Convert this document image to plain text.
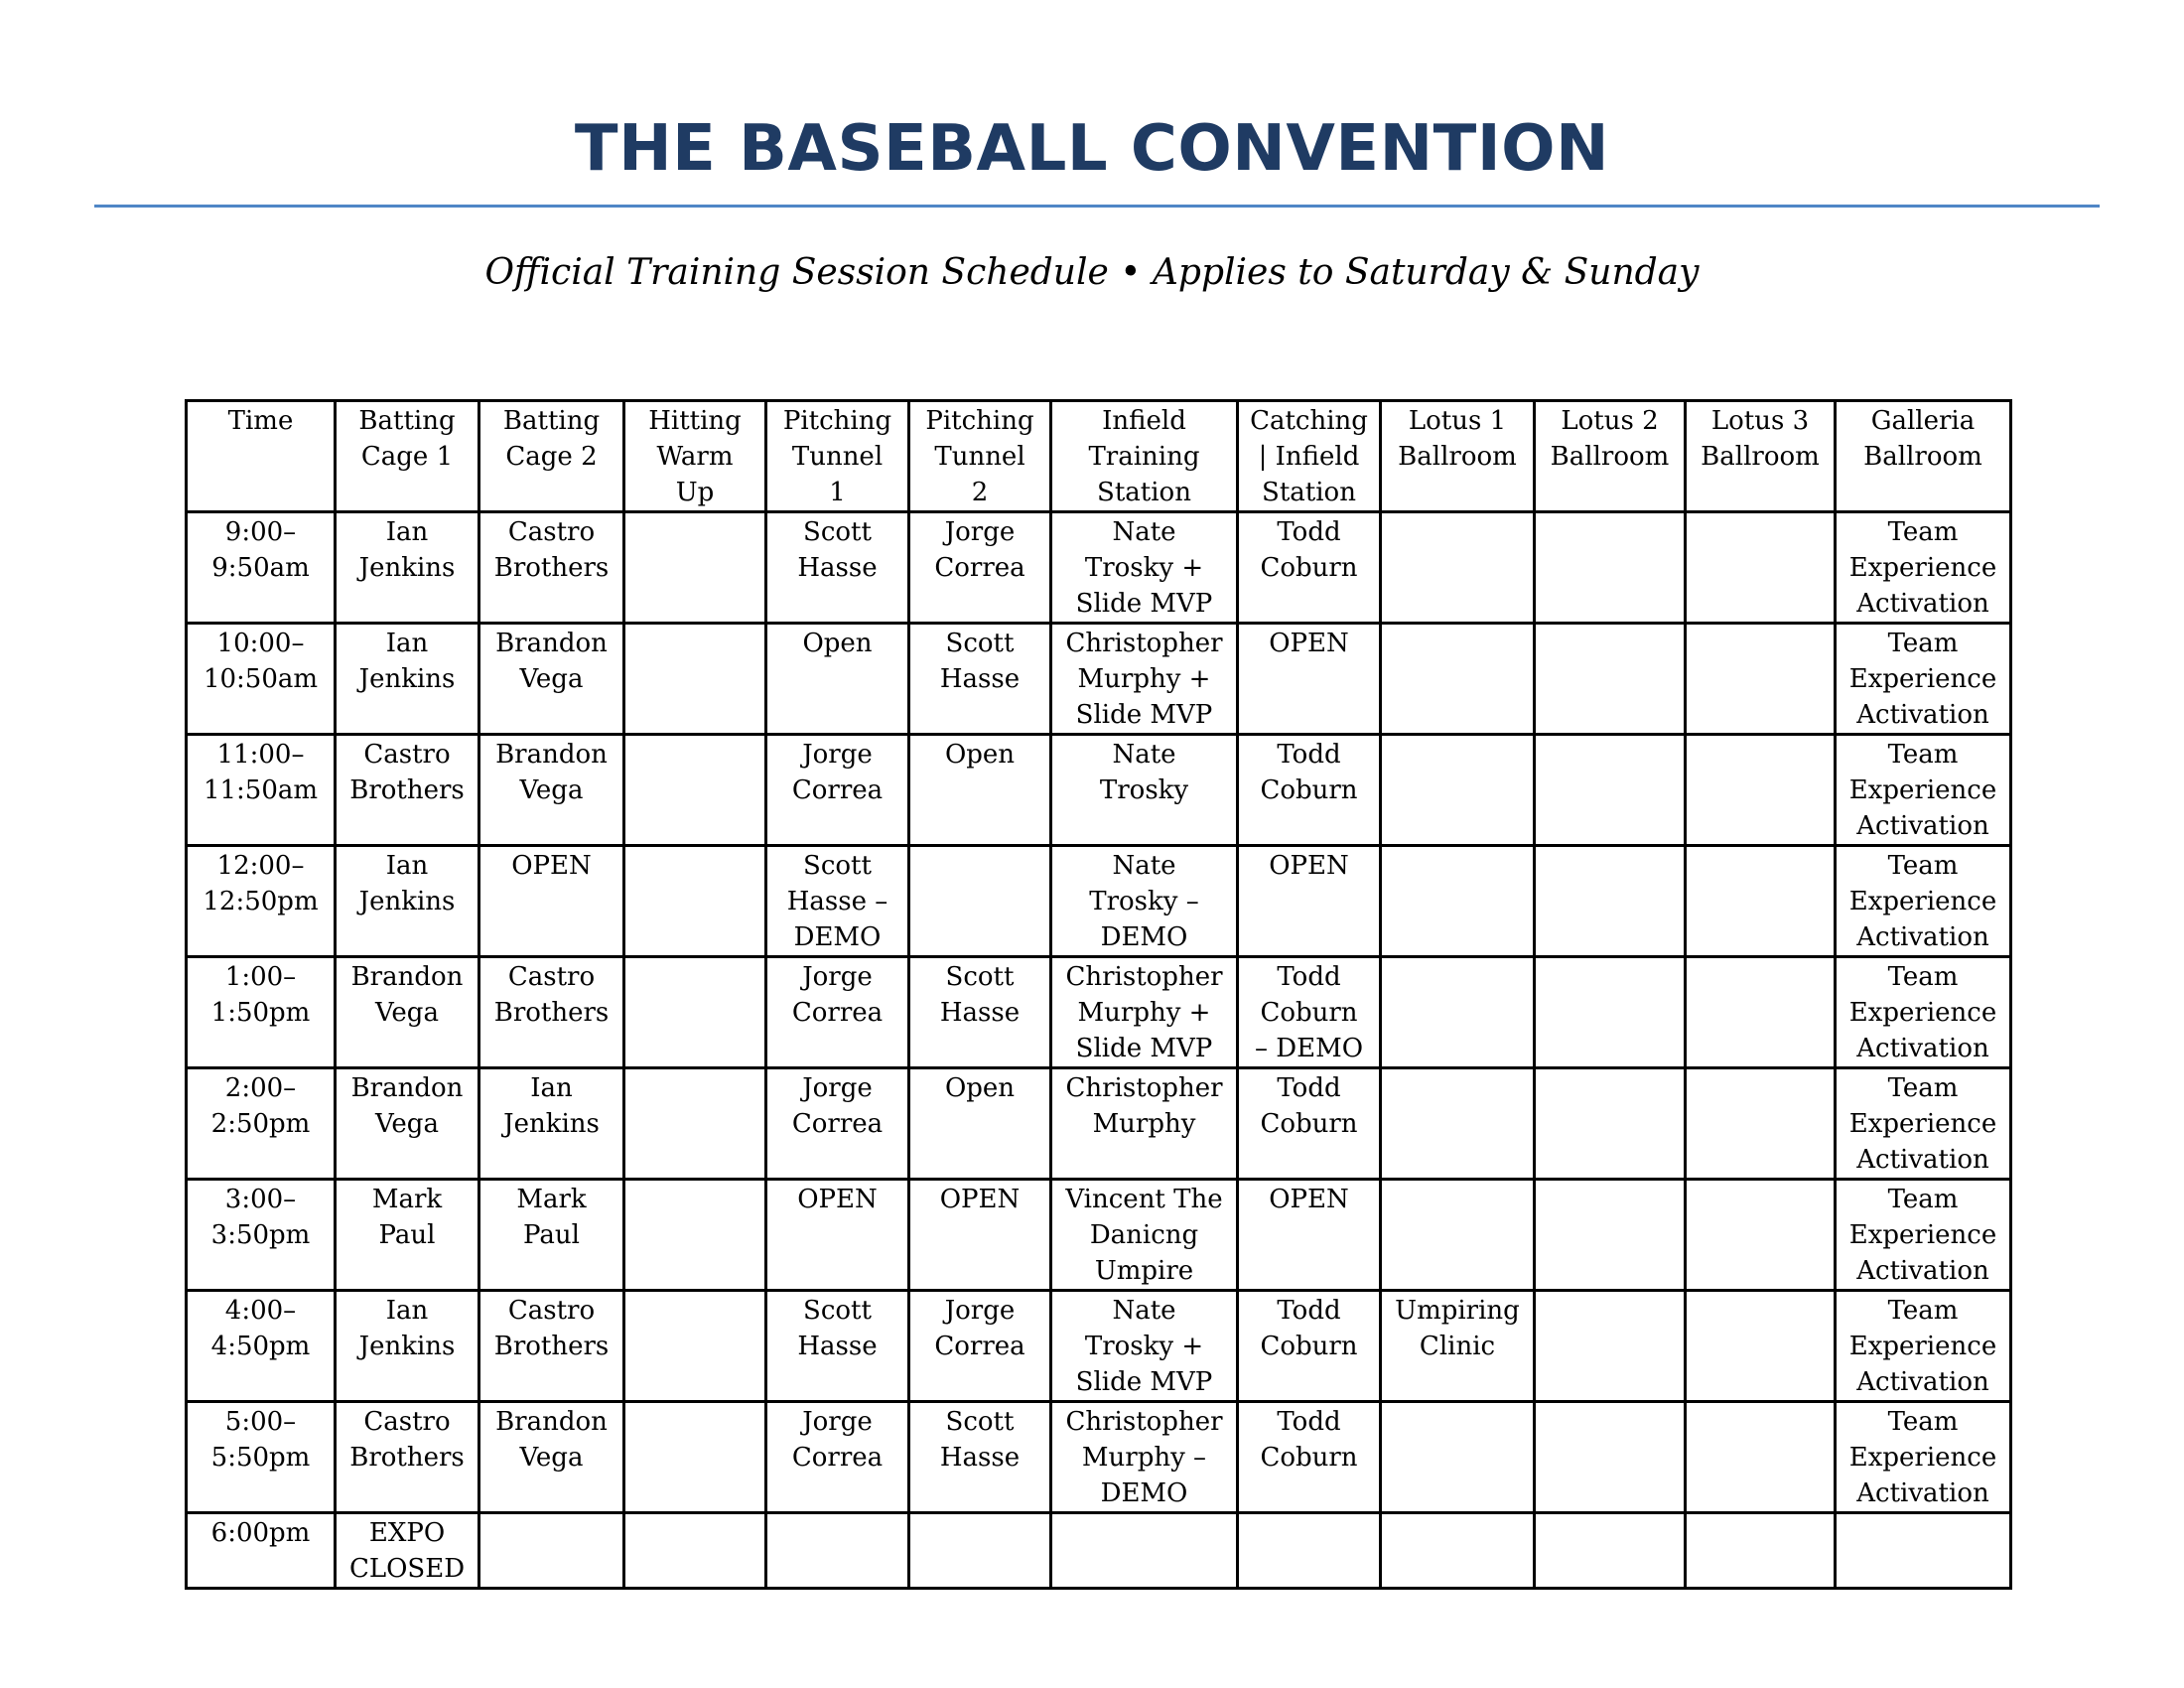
THE BASEBALL CONVENTION
Official Training Session Schedule • Applies to Saturday & Sunday
Time	Batting
Cage 1	Batting
Cage 2	Hitting
Warm
Up	Pitching
Tunnel
1	Pitching
Tunnel
2	Infield
Training
Station	Catching
| Infield
Station	Lotus 1
Ballroom	Lotus 2
Ballroom	Lotus 3
Ballroom	Galleria
Ballroom
9:00–
9:50am	Ian
Jenkins	Castro
Brothers		Scott
Hasse	Jorge
Correa	Nate
Trosky +
Slide MVP	Todd
Coburn				Team
Experience
Activation
10:00–
10:50am	Ian
Jenkins	Brandon
Vega		Open	Scott
Hasse	Christopher
Murphy +
Slide MVP	OPEN				Team
Experience
Activation
11:00–
11:50am	Castro
Brothers	Brandon
Vega		Jorge
Correa	Open	Nate
Trosky	Todd
Coburn				Team
Experience
Activation
12:00–
12:50pm	Ian
Jenkins	OPEN		Scott
Hasse –
DEMO		Nate
Trosky –
DEMO	OPEN				Team
Experience
Activation
1:00–
1:50pm	Brandon
Vega	Castro
Brothers		Jorge
Correa	Scott
Hasse	Christopher
Murphy +
Slide MVP	Todd
Coburn
– DEMO				Team
Experience
Activation
2:00–
2:50pm	Brandon
Vega	Ian
Jenkins		Jorge
Correa	Open	Christopher
Murphy	Todd
Coburn				Team
Experience
Activation
3:00–
3:50pm	Mark
Paul	Mark
Paul		OPEN	OPEN	Vincent The
Danicng
Umpire	OPEN				Team
Experience
Activation
4:00–
4:50pm	Ian
Jenkins	Castro
Brothers		Scott
Hasse	Jorge
Correa	Nate
Trosky +
Slide MVP	Todd
Coburn	Umpiring
Clinic			Team
Experience
Activation
5:00–
5:50pm	Castro
Brothers	Brandon
Vega		Jorge
Correa	Scott
Hasse	Christopher
Murphy –
DEMO	Todd
Coburn				Team
Experience
Activation
6:00pm	EXPO
CLOSED										
